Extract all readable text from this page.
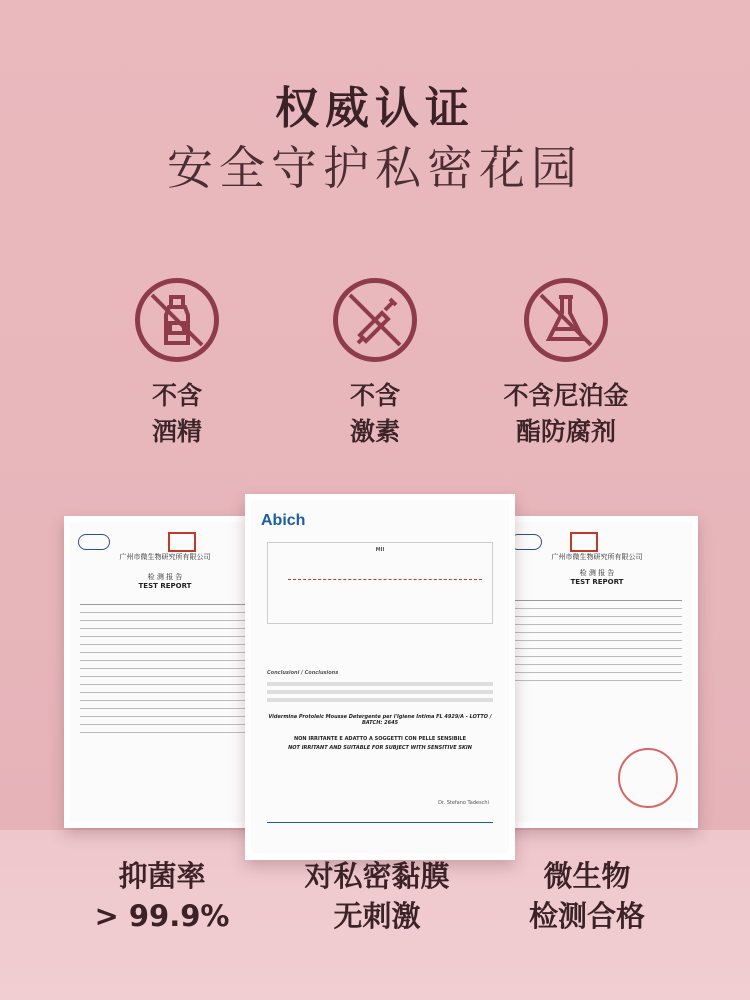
权威认证
安全守护私密花园
不含
酒精
不含
激素
不含尼泊金
酯防腐剂
广州市微生物研究所有限公司
检 测 报 告
TEST REPORT
广州市微生物研究所有限公司
检 测 报 告
TEST REPORT
Abich
MII
Conclusioni / Conclusions
Vidermina Protoleic Mousse Detergente per l'Igiene Intima FL 4929/A - LOTTO / BATCH: 2645
NON IRRITANTE E ADATTO A SOGGETTI CON PELLE SENSIBILE
NOT IRRITANT AND SUITABLE FOR SUBJECT WITH SENSITIVE SKIN
Dr. Stefano Tadeschi
抑菌率
> 99.9%
对私密黏膜
无刺激
微生物
检测合格
